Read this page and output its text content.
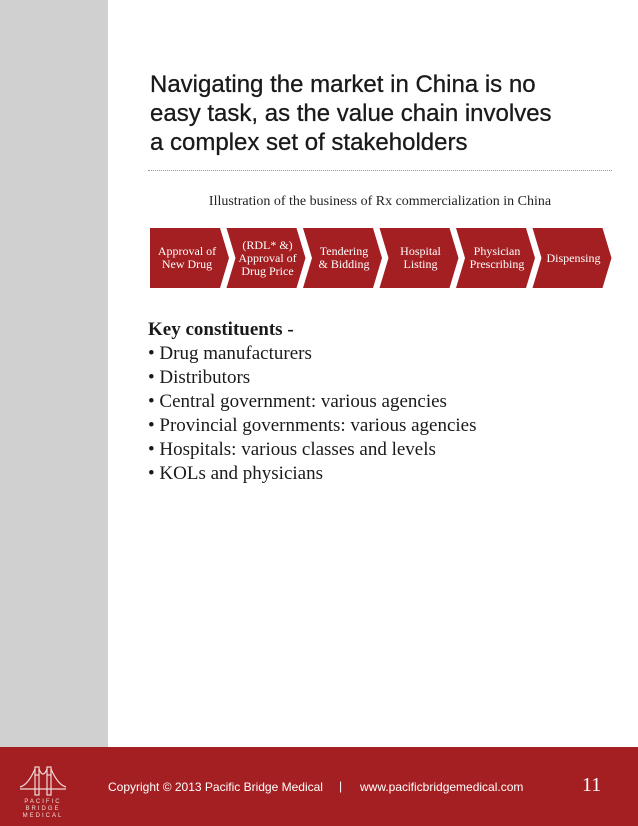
Navigating the market in China is no
easy task, as the value chain involves
a complex set of stakeholders
Illustration of the business of Rx commercialization in China
Approval of
New Drug
(RDL* &)
Approval of
Drug Price
Tendering
& Bidding
Hospital
Listing
Physician
Prescribing	Dispensing
Key constituents -
• Drug manufacturers
• Distributors
• Central government: various agencies
• Provincial governments: various agencies
• Hospitals: various classes and levels
• KOLs and physicians
PACIFIC
BRIDGE
MEDICAL
Copyright © 2013 Pacific Bridge Medical | www.pacificbridgemedical.com	11
